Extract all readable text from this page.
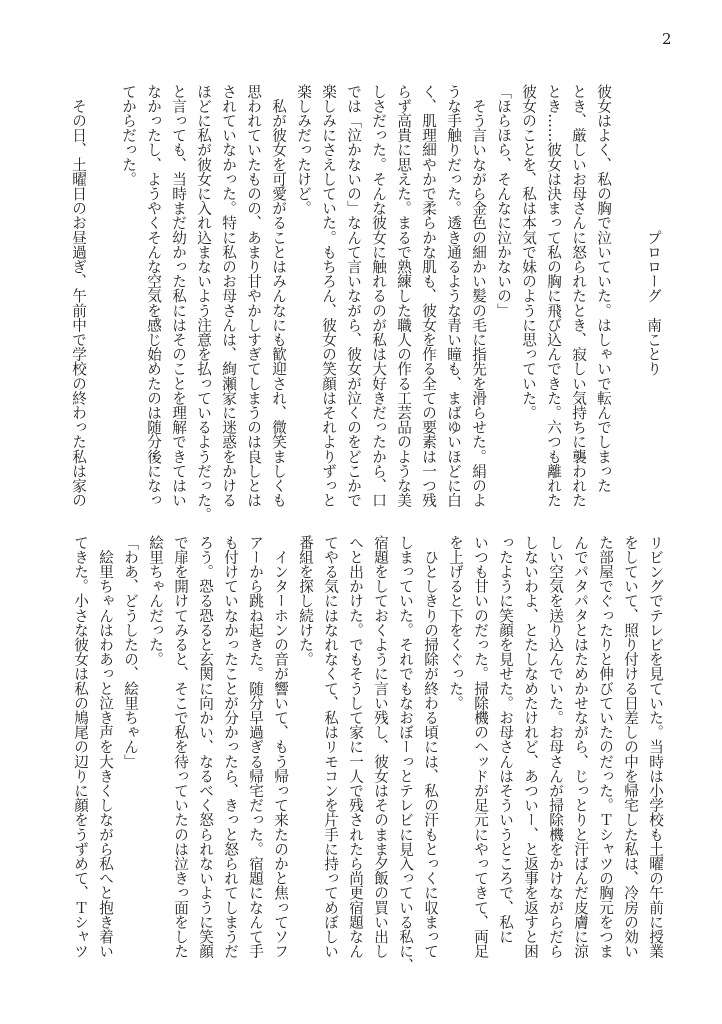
2
プロローグ　南ことり
彼女はよく、私の胸で泣いていた。はしゃいで転んでしまった
とき、厳しいお母さんに怒られたとき、寂しい気持ちに襲われた
とき……彼女は決まって私の胸に飛び込んできた。六つも離れた
彼女のことを、私は本気で妹のように思っていた。
「ほらほら、そんなに泣かないの」
　そう言いながら金色の細かい髪の毛に指先を滑らせた。絹のよ
うな手触りだった。透き通るような青い瞳も、まばゆいほどに白
く、肌理細やかで柔らかな肌も、彼女を作る全ての要素は一つ残
らず高貴に思えた。まるで熟練した職人の作る工芸品のような美
しさだった。そんな彼女に触れるのが私は大好きだったから、口
では「泣かないの」なんて言いながら、彼女が泣くのをどこかで
楽しみにさえしていた。もちろん、彼女の笑顔はそれよりずっと
楽しみだったけど。
　私が彼女を可愛がることはみんなにも歓迎され、微笑ましくも
思われていたものの、あまり甘やかしすぎてしまうのは良しとは
されていなかった。特に私のお母さんは、絢瀬家に迷惑をかける
ほどに私が彼女に入れ込まないよう注意を払っているようだった。
と言っても、当時まだ幼かった私にはそのことを理解できてはい
なかったし、ようやくそんな空気を感じ始めたのは随分後になっ
てからだった。
　その日、土曜日のお昼過ぎ、午前中で学校の終わった私は家の
リビングでテレビを見ていた。当時は小学校も土曜の午前に授業
をしていて、照り付ける日差しの中を帰宅した私は、冷房の効い
た部屋でぐったりと伸びていたのだった。Ｔシャツの胸元をつま
んでパタパタとはためかせながら、じっとりと汗ばんだ皮膚に涼
しい空気を送り込んでいた。お母さんが掃除機をかけながらだら
しないわよ、とたしなめたけれど、あついー、と返事を返すと困
ったように笑顔を見せた。お母さんはそういうところで、私に
いつも甘いのだった。掃除機のヘッドが足元にやってきて、両足
を上げると下をくぐった。
　ひとしきりの掃除が終わる頃には、私の汗もとっくに収まって
しまっていた。それでもなおぼーっとテレビに見入っている私に、
宿題をしておくように言い残し、彼女はそのまま夕飯の買い出し
へと出かけた。でもそうして家に一人で残されたら尚更宿題なん
てやる気にはなれなくて、私はリモコンを片手に持ってめぼしい
番組を探し続けた。
　インターホンの音が響いて、もう帰って来たのかと焦ってソフ
アーから跳ね起きた。随分早過ぎる帰宅だった。宿題になんて手
も付けていなかったことが分かったら、きっと怒られてしまうだ
ろう。恐る恐ると玄関に向かい、なるべく怒られないように笑顔
で扉を開けてみると、そこで私を待っていたのは泣きっ面をした
絵里ちゃんだった。
「わあ、どうしたの、絵里ちゃん」
　絵里ちゃんはわあっと泣き声を大きくしながら私へと抱き着い
てきた。小さな彼女は私の鳩尾の辺りに顔をうずめて、Ｔシャツ
